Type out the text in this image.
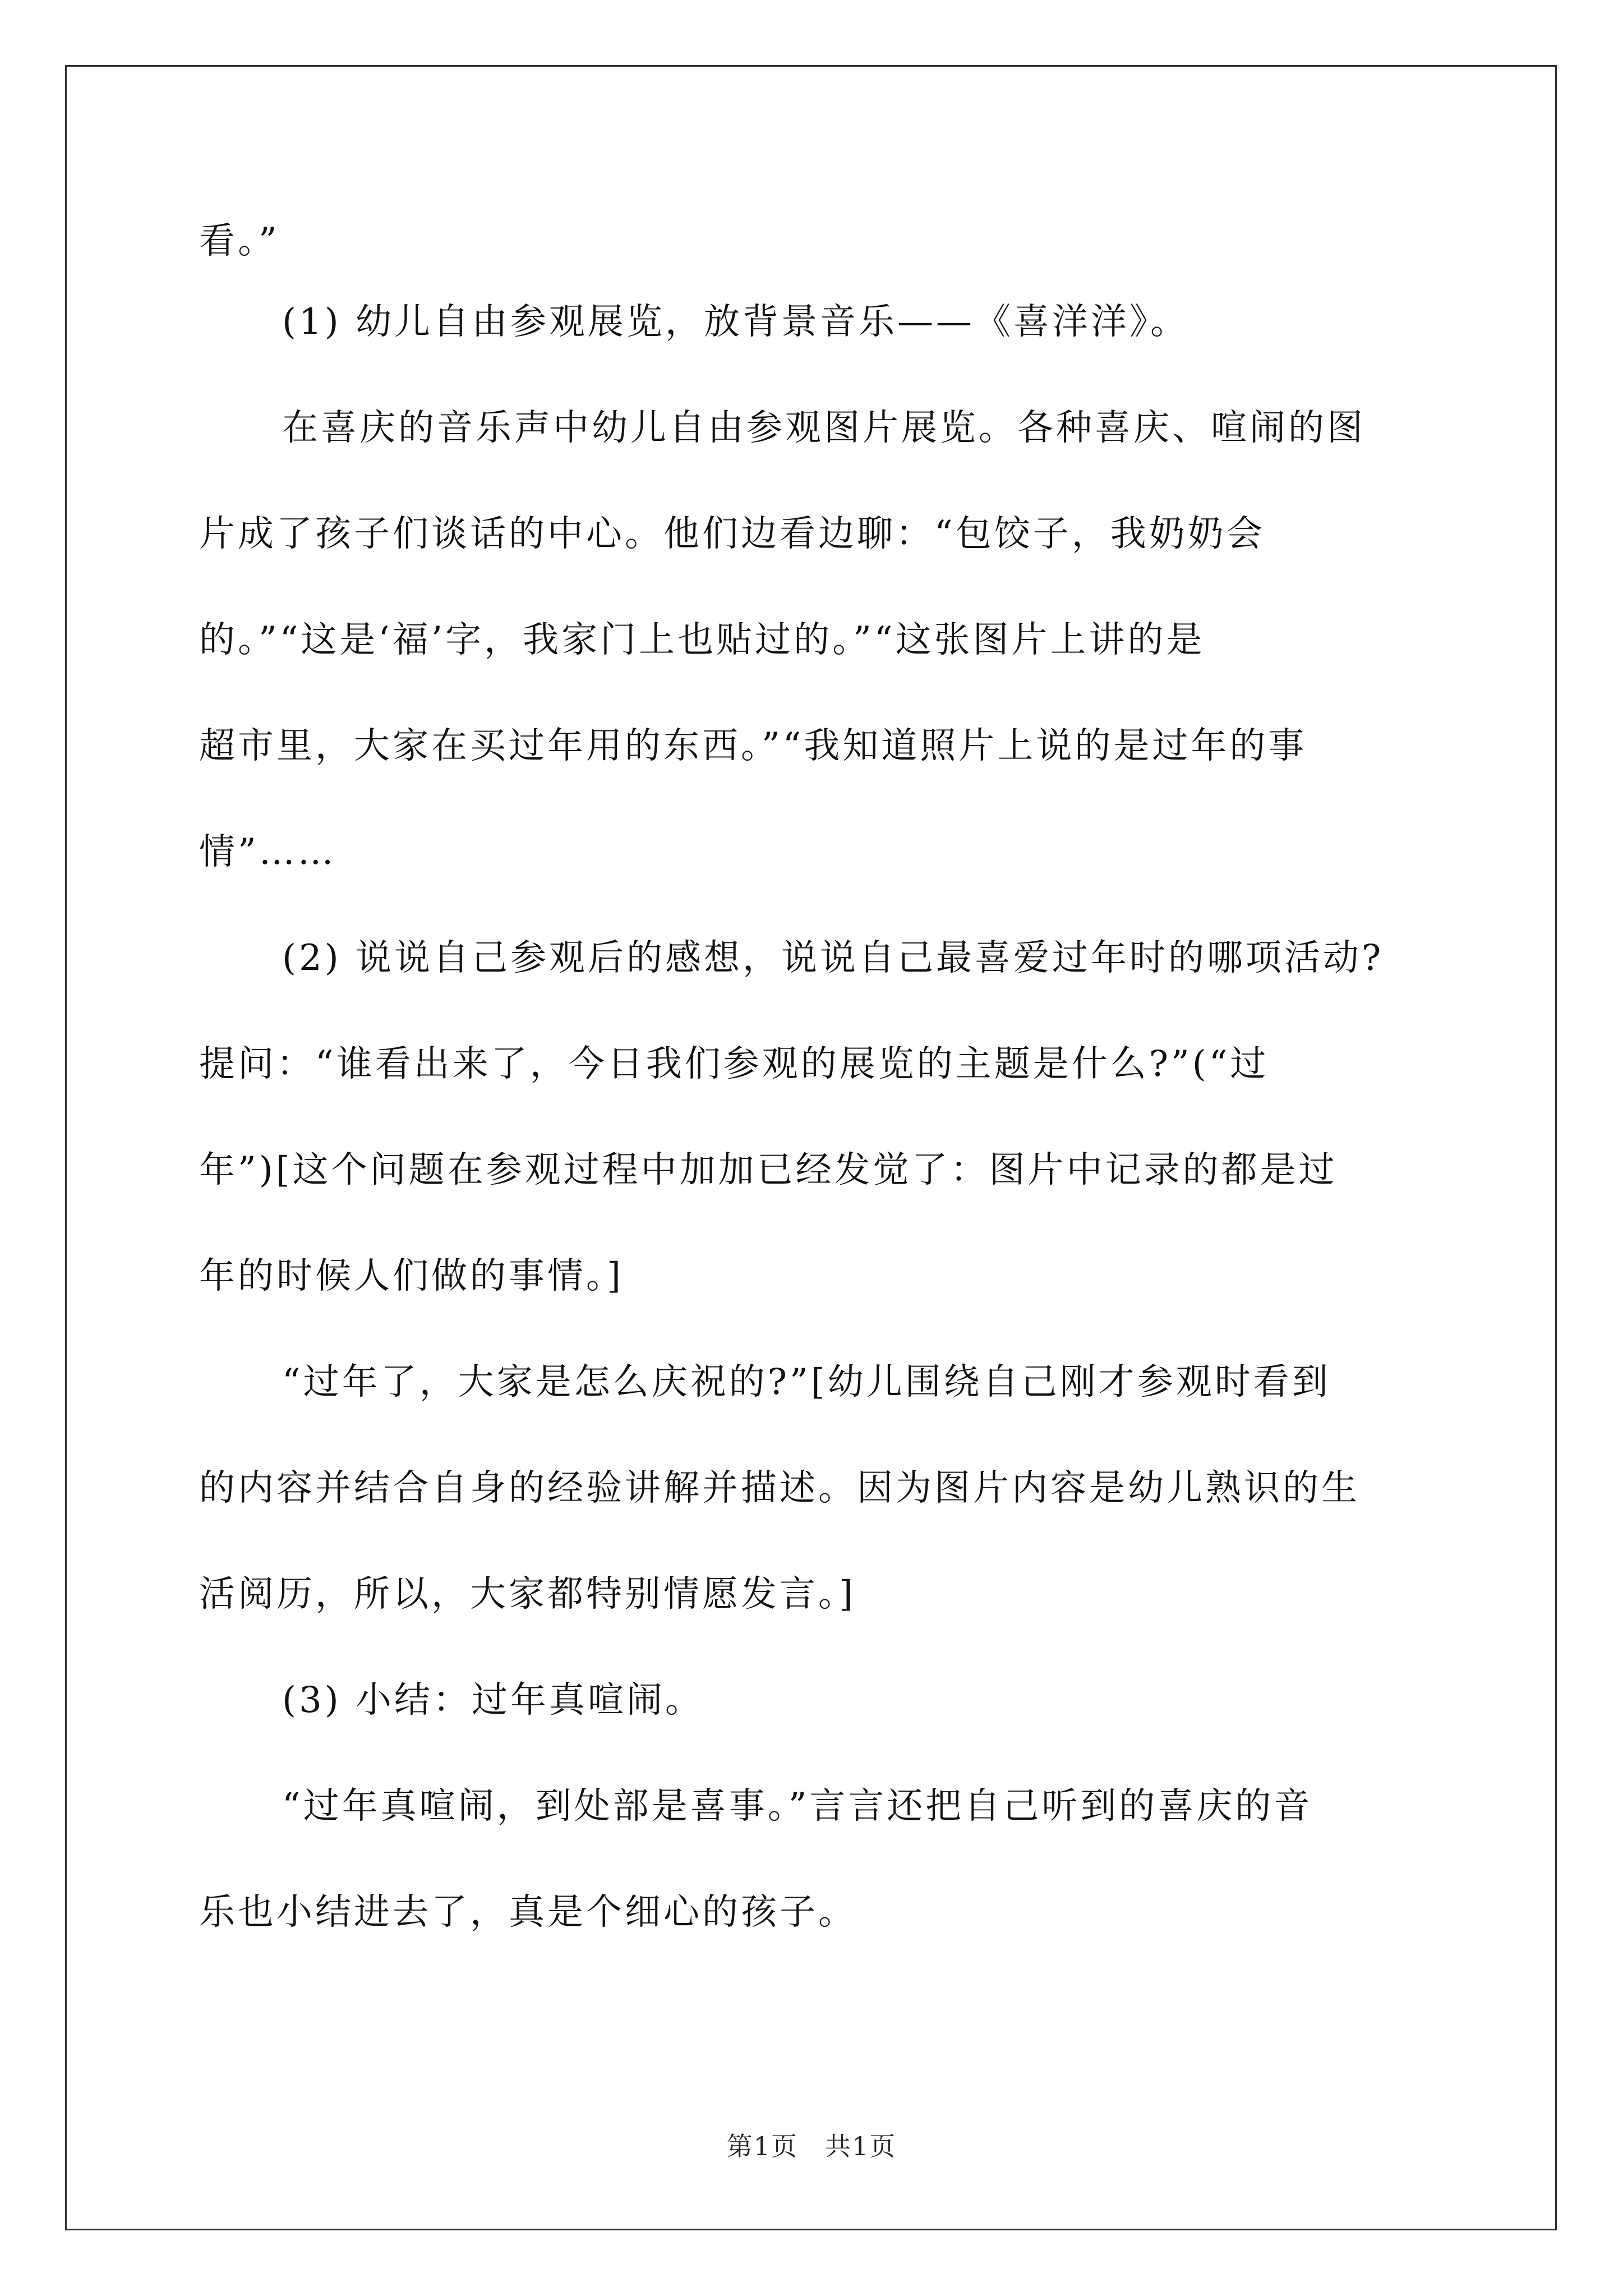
看。”
(1) 幼儿自由参观展览，放背景音乐——《喜洋洋》。
在喜庆的音乐声中幼儿自由参观图片展览。各种喜庆、喧闹的图
片成了孩子们谈话的中心。他们边看边聊：“包饺子，我奶奶会
的。”“这是‘福’字，我家门上也贴过的。”“这张图片上讲的是
超市里，大家在买过年用的东西。”“我知道照片上说的是过年的事
情”……
(2) 说说自己参观后的感想，说说自己最喜爱过年时的哪项活动?
提问：“谁看出来了，今日我们参观的展览的主题是什么?”(“过
年”)[这个问题在参观过程中加加已经发觉了：图片中记录的都是过
年的时候人们做的事情。]
“过年了，大家是怎么庆祝的?”[幼儿围绕自己刚才参观时看到
的内容并结合自身的经验讲解并描述。因为图片内容是幼儿熟识的生
活阅历，所以，大家都特别情愿发言。]
(3) 小结：过年真喧闹。
“过年真喧闹，到处部是喜事。”言言还把自己听到的喜庆的音
乐也小结进去了，真是个细心的孩子。
第1页　共1页
